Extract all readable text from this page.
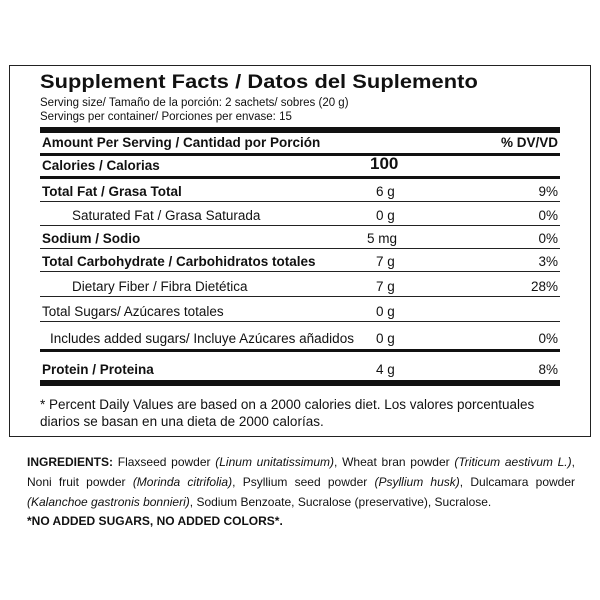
Supplement Facts / Datos del Suplemento
Serving size/ Tamaño de la porción: 2 sachets/ sobres (20 g)
Servings per container/ Porciones per envase: 15
Amount Per Serving / Cantidad por Porción	% DV/VD
Calories / Calorias	100
Total Fat / Grasa Total	6 g	9%
Saturated Fat / Grasa Saturada	0 g	0%
Sodium / Sodio	5 mg	0%
Total Carbohydrate / Carbohidratos totales	7 g	3%
Dietary Fiber / Fibra Dietética	7 g	28%
Total Sugars/ Azúcares totales	0 g
Includes added sugars/ Incluye Azúcares añadidos 0 g	0%
Protein / Proteina	4 g	8%
* Percent Daily Values are based on a 2000 calories diet. Los valores porcentuales diarios se basan en una dieta de 2000 calorías.
INGREDIENTS: Flaxseed powder (Linum unitatissimum), Wheat bran powder (Triticum aestivum L.), Noni fruit powder (Morinda citrifolia), Psyllium seed powder (Psyllium husk), Dulcamara powder (Kalanchoe gastronis bonnieri), Sodium Benzoate, Sucralose (preservative), Sucralose.
*NO ADDED SUGARS, NO ADDED COLORS*.
